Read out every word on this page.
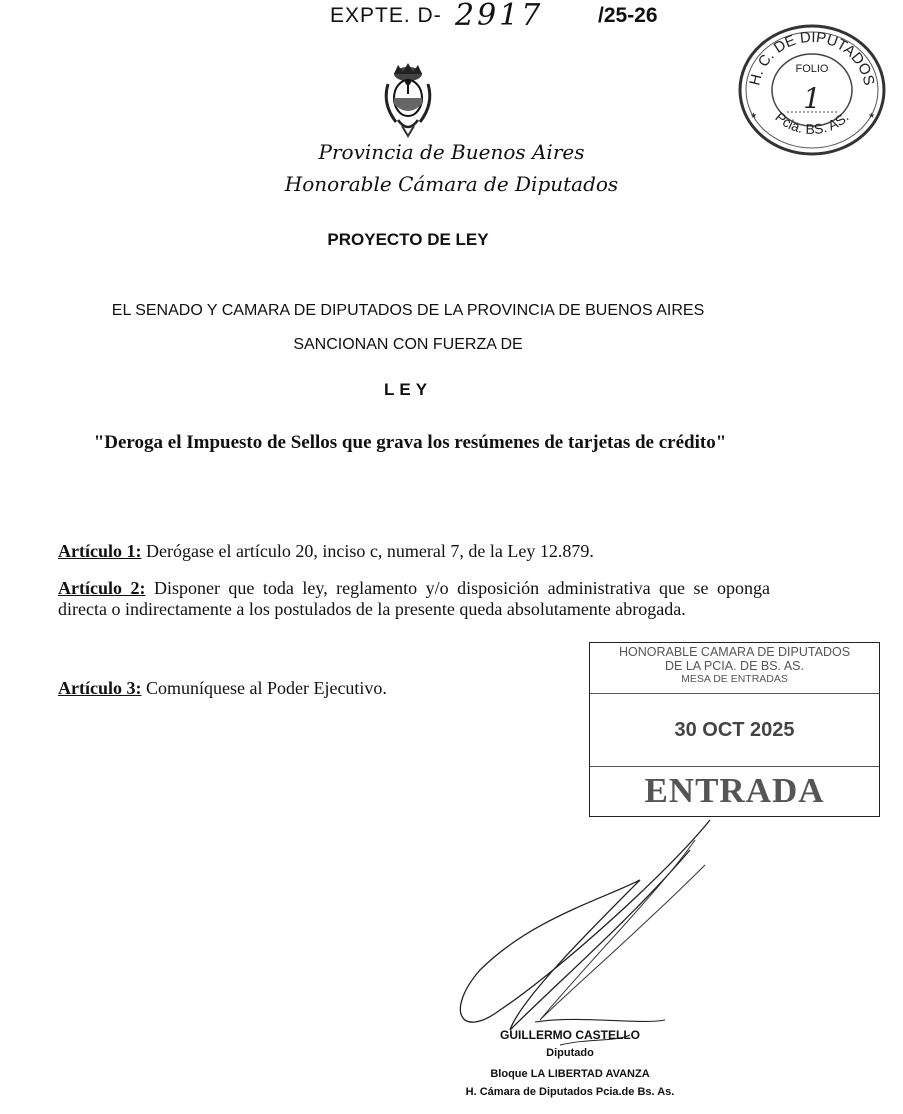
EXPTE. D- 2917	/25-26
H. C. DE DIPUTADOS
Pcia. BS. AS.
FOLIO
1
★	★
Provincia de Buenos Aires
Honorable Cámara de Diputados
PROYECTO DE LEY
EL SENADO Y CAMARA DE DIPUTADOS DE LA PROVINCIA DE BUENOS AIRES
SANCIONAN CON FUERZA DE
LEY
"Deroga el Impuesto de Sellos que grava los resúmenes de tarjetas de crédito"
Artículo 1: Derógase el artículo 20, inciso c, numeral 7, de la Ley 12.879.
Artículo 2: Disponer que toda ley, reglamento y/o disposición administrativa que se oponga directa o indirectamente a los postulados de la presente queda absolutamente abrogada.
Artículo 3: Comuníquese al Poder Ejecutivo.
HONORABLE CAMARA DE DIPUTADOS
DE LA PCIA. DE BS. AS.
MESA DE ENTRADAS
30 OCT 2025
ENTRADA
GUILLERMO CASTELLO
Diputado
Bloque LA LIBERTAD AVANZA
H. Cámara de Diputados Pcia.de Bs. As.
